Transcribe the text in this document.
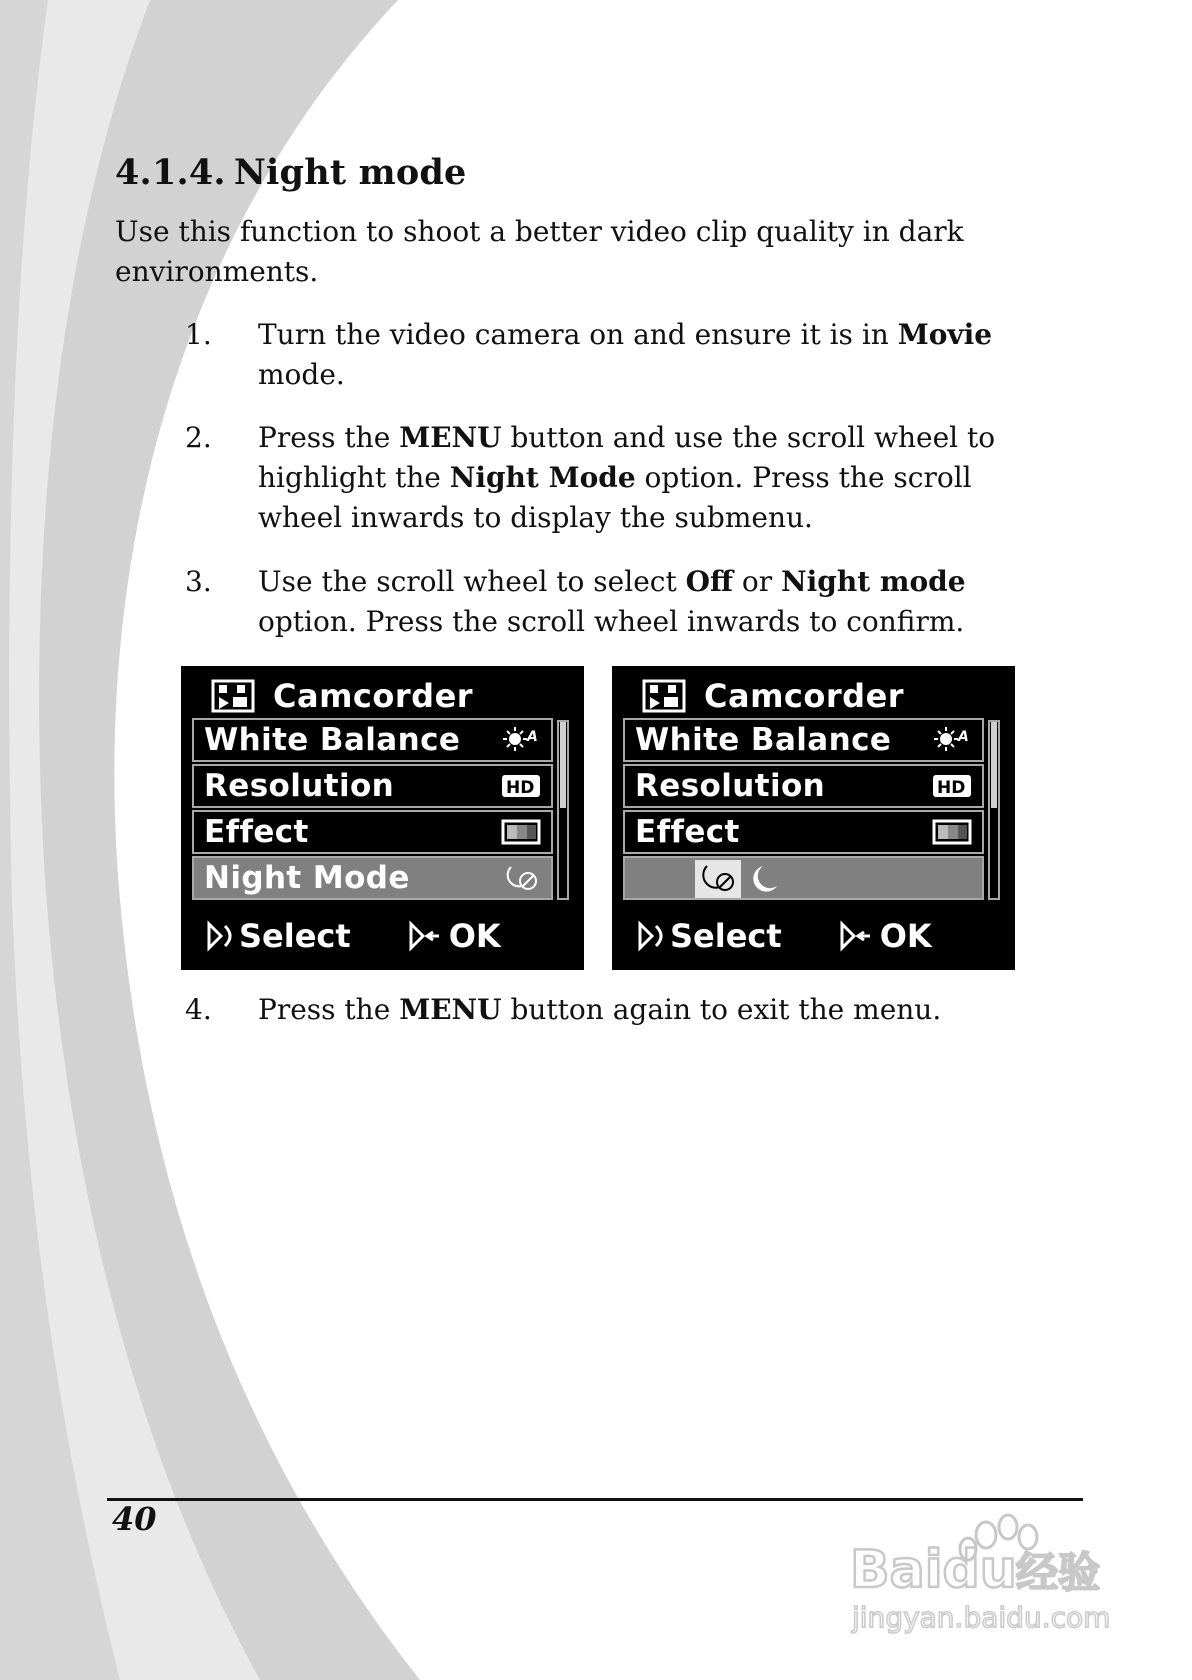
4.1.4. Night mode

Use this function to shoot a better video clip quality in dark environments.

1.	Turn the video camera on and ensure it is in Movie
mode.
2.	Press the MENU button and use the scroll wheel to highlight the Night Mode option. Press the scroll wheel inwards to display the submenu.
3.	Use the scroll wheel to select Off or Night mode option. Press the scroll wheel inwards to confirm.
Camcorder
White Balance	A
Resolution	HD
Effect
Night Mode
Select	OK
Camcorder
White Balance	A
Resolution	HD
Effect
Select	OK
4.	Press the MENU button again to exit the menu.
40
Baidu 经验
jingyan.baidu.com
